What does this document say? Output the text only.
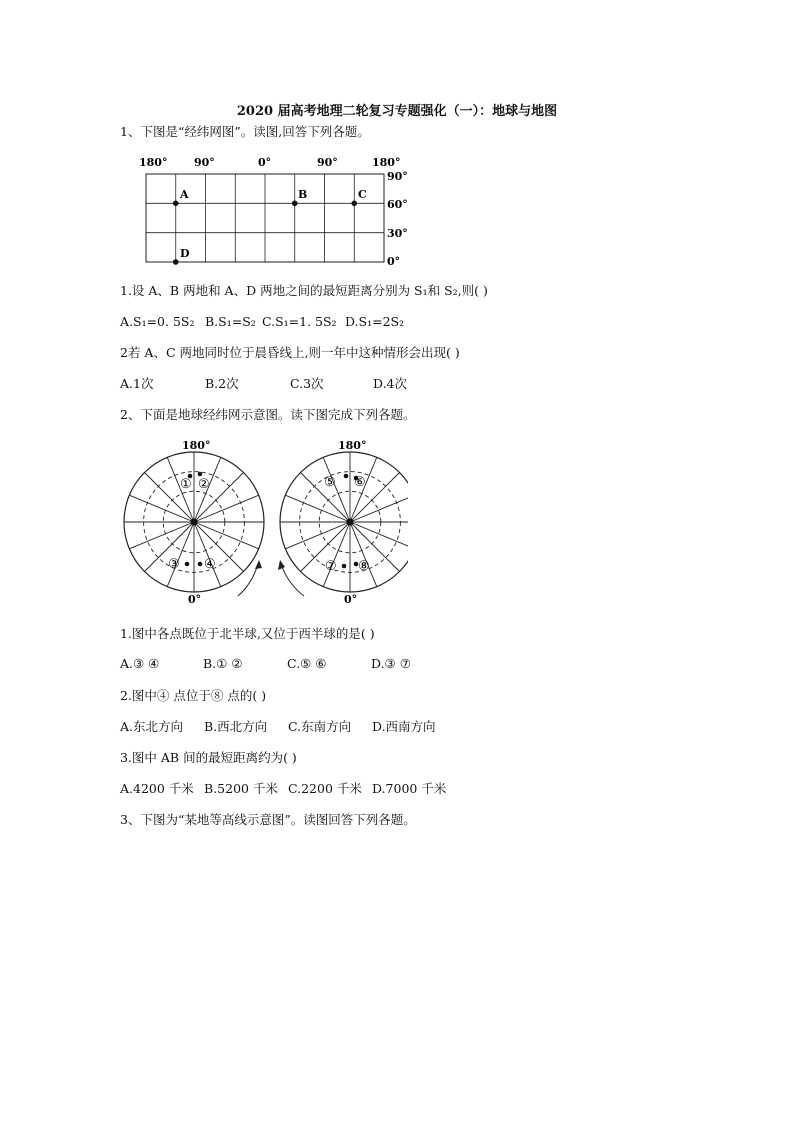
2020 届高考地理二轮复习专题强化（一）：地球与地图
1、下图是“经纬网图”。读图,回答下列各题。
180° 90°	0°	90°	180°
90°
60°
30°
0°
A	B	C
D
1.设 A、B 两地和 A、D 两地之间的最短距离分别为 S₁和 S₂,则( )
A.S₁=0. 5S₂ B.S₁=S₂ C.S₁=1. 5S₂ D.S₁=2S₂
2若 A、C 两地同时位于晨昏线上,则一年中这种情形会出现( )
A.1次	B.2次	C.3次	D.4次
2、下面是地球经纬网示意图。读下图完成下列各题。
180°
0°
180°
0°
① ②
③ ④
⑤ ⑥
⑦ ⑧
1.图中各点既位于北半球,又位于西半球的是( )
A.③ ④	B.① ②	C.⑤ ⑥	D.③ ⑦
2.图中④ 点位于⑧ 点的( )
A.东北方向 B.西北方向 C.东南方向 D.西南方向
3.图中 AB 间的最短距离约为( )
A.4200 千米 B.5200 千米 C.2200 千米 D.7000 千米
3、下图为“某地等高线示意图”。读图回答下列各题。
